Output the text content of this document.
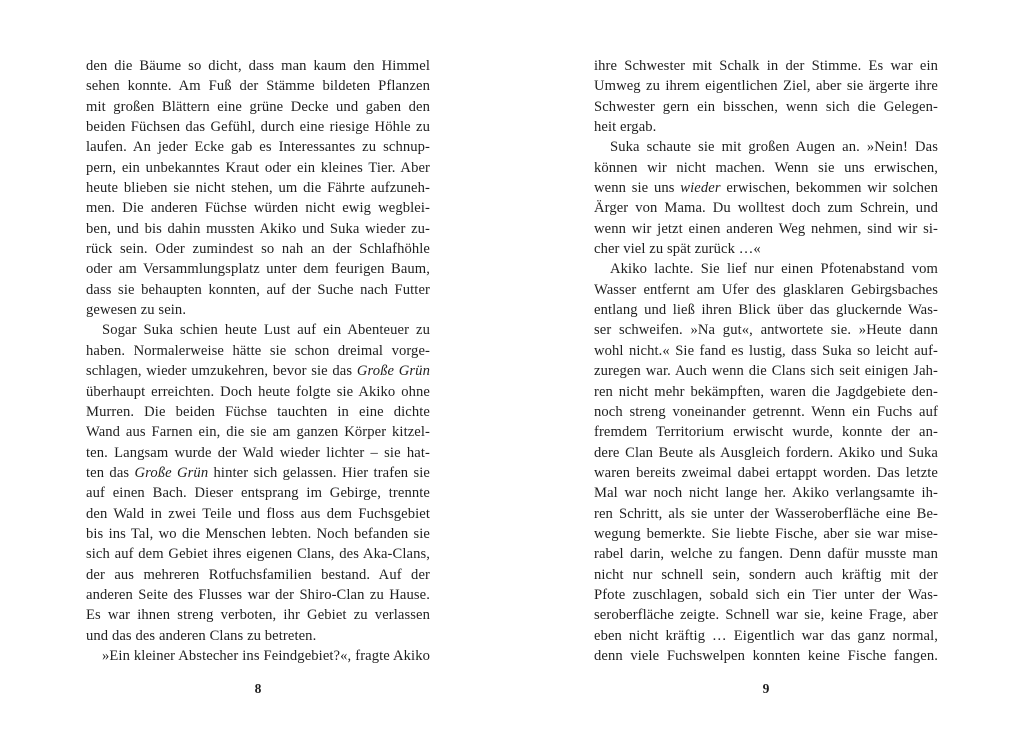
den die Bäume so dicht, dass man kaum den Himmel
sehen konnte. Am Fuß der Stämme bildeten Pflanzen
mit großen Blättern eine grüne Decke und gaben den
beiden Füchsen das Gefühl, durch eine riesige Höhle zu
laufen. An jeder Ecke gab es Interessantes zu schnup-
pern, ein unbekanntes Kraut oder ein kleines Tier. Aber
heute blieben sie nicht stehen, um die Fährte aufzuneh-
men. Die anderen Füchse würden nicht ewig wegblei-
ben, und bis dahin mussten Akiko und Suka wieder zu-
rück sein. Oder zumindest so nah an der Schlafhöhle
oder am Versammlungsplatz unter dem feurigen Baum,
dass sie behaupten konnten, auf der Suche nach Futter
gewesen zu sein.
Sogar Suka schien heute Lust auf ein Abenteuer zu
haben. Normalerweise hätte sie schon dreimal vorge-
schlagen, wieder umzukehren, bevor sie das Große Grün
überhaupt erreichten. Doch heute folgte sie Akiko ohne
Murren. Die beiden Füchse tauchten in eine dichte
Wand aus Farnen ein, die sie am ganzen Körper kitzel-
ten. Langsam wurde der Wald wieder lichter – sie hat-
ten das Große Grün hinter sich gelassen. Hier trafen sie
auf einen Bach. Dieser entsprang im Gebirge, trennte
den Wald in zwei Teile und floss aus dem Fuchsgebiet
bis ins Tal, wo die Menschen lebten. Noch befanden sie
sich auf dem Gebiet ihres eigenen Clans, des Aka-Clans,
der aus mehreren Rotfuchsfamilien bestand. Auf der
anderen Seite des Flusses war der Shiro-Clan zu Hause.
Es war ihnen streng verboten, ihr Gebiet zu verlassen
und das des anderen Clans zu betreten.
»Ein kleiner Abstecher ins Feindgebiet?«, fragte Akiko
8
ihre Schwester mit Schalk in der Stimme. Es war ein
Umweg zu ihrem eigentlichen Ziel, aber sie ärgerte ihre
Schwester gern ein bisschen, wenn sich die Gelegen-
heit ergab.
Suka schaute sie mit großen Augen an. »Nein! Das
können wir nicht machen. Wenn sie uns erwischen,
wenn sie uns wieder erwischen, bekommen wir solchen
Ärger von Mama. Du wolltest doch zum Schrein, und
wenn wir jetzt einen anderen Weg nehmen, sind wir si-
cher viel zu spät zurück …«
Akiko lachte. Sie lief nur einen Pfotenabstand vom
Wasser entfernt am Ufer des glasklaren Gebirgsbaches
entlang und ließ ihren Blick über das gluckernde Was-
ser schweifen. »Na gut«, antwortete sie. »Heute dann
wohl nicht.« Sie fand es lustig, dass Suka so leicht auf-
zuregen war. Auch wenn die Clans sich seit einigen Jah-
ren nicht mehr bekämpften, waren die Jagdgebiete den-
noch streng voneinander getrennt. Wenn ein Fuchs auf
fremdem Territorium erwischt wurde, konnte der an-
dere Clan Beute als Ausgleich fordern. Akiko und Suka
waren bereits zweimal dabei ertappt worden. Das letzte
Mal war noch nicht lange her. Akiko verlangsamte ih-
ren Schritt, als sie unter der Wasseroberfläche eine Be-
wegung bemerkte. Sie liebte Fische, aber sie war mise-
rabel darin, welche zu fangen. Denn dafür musste man
nicht nur schnell sein, sondern auch kräftig mit der
Pfote zuschlagen, sobald sich ein Tier unter der Was-
seroberfläche zeigte. Schnell war sie, keine Frage, aber
eben nicht kräftig … Eigentlich war das ganz normal,
denn viele Fuchswelpen konnten keine Fische fangen.
9
